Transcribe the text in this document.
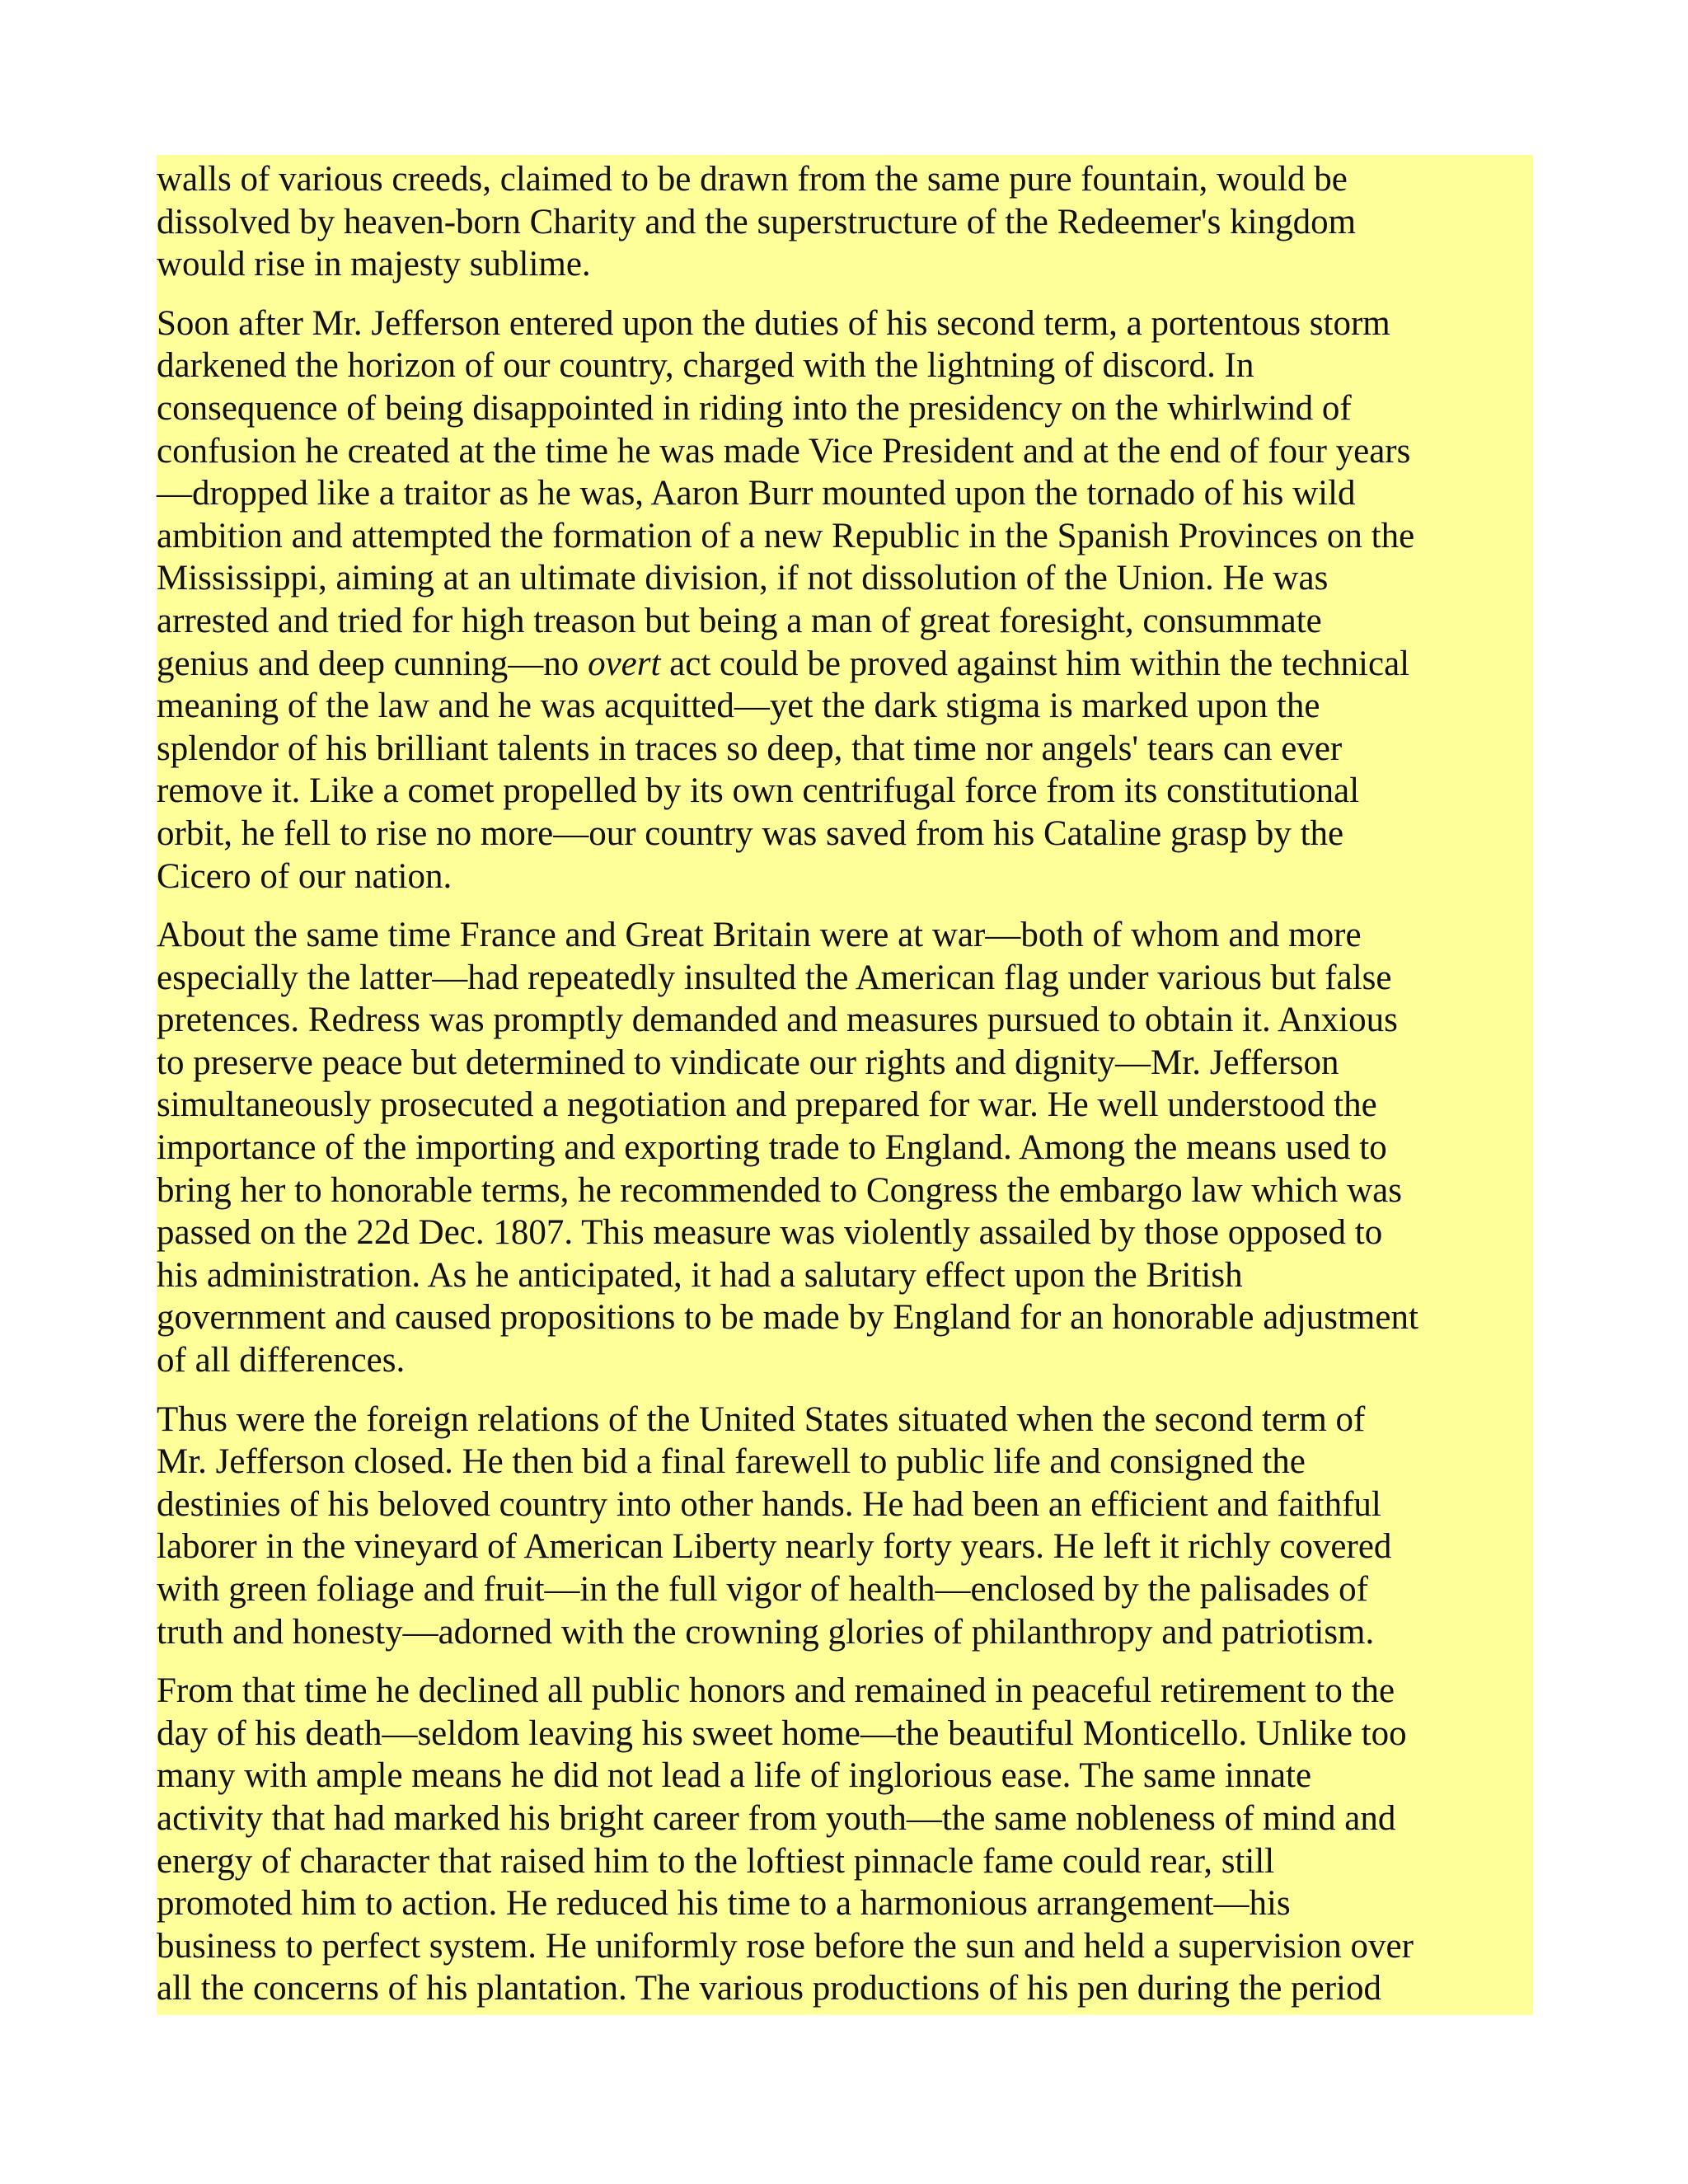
walls of various creeds, claimed to be drawn from the same pure fountain, would be
dissolved by heaven-born Charity and the superstructure of the Redeemer's kingdom
would rise in majesty sublime.

Soon after Mr. Jefferson entered upon the duties of his second term, a portentous storm
darkened the horizon of our country, charged with the lightning of discord. In
consequence of being disappointed in riding into the presidency on the whirlwind of
confusion he created at the time he was made Vice President and at the end of four years
—dropped like a traitor as he was, Aaron Burr mounted upon the tornado of his wild
ambition and attempted the formation of a new Republic in the Spanish Provinces on the
Mississippi, aiming at an ultimate division, if not dissolution of the Union. He was
arrested and tried for high treason but being a man of great foresight, consummate
genius and deep cunning—no overt act could be proved against him within the technical
meaning of the law and he was acquitted—yet the dark stigma is marked upon the
splendor of his brilliant talents in traces so deep, that time nor angels' tears can ever
remove it. Like a comet propelled by its own centrifugal force from its constitutional
orbit, he fell to rise no more—our country was saved from his Cataline grasp by the
Cicero of our nation.

About the same time France and Great Britain were at war—both of whom and more
especially the latter—had repeatedly insulted the American flag under various but false
pretences. Redress was promptly demanded and measures pursued to obtain it. Anxious
to preserve peace but determined to vindicate our rights and dignity—Mr. Jefferson
simultaneously prosecuted a negotiation and prepared for war. He well understood the
importance of the importing and exporting trade to England. Among the means used to
bring her to honorable terms, he recommended to Congress the embargo law which was
passed on the 22d Dec. 1807. This measure was violently assailed by those opposed to
his administration. As he anticipated, it had a salutary effect upon the British
government and caused propositions to be made by England for an honorable adjustment
of all differences.

Thus were the foreign relations of the United States situated when the second term of
Mr. Jefferson closed. He then bid a final farewell to public life and consigned the
destinies of his beloved country into other hands. He had been an efficient and faithful
laborer in the vineyard of American Liberty nearly forty years. He left it richly covered
with green foliage and fruit—in the full vigor of health—enclosed by the palisades of
truth and honesty—adorned with the crowning glories of philanthropy and patriotism.

From that time he declined all public honors and remained in peaceful retirement to the
day of his death—seldom leaving his sweet home—the beautiful Monticello. Unlike too
many with ample means he did not lead a life of inglorious ease. The same innate
activity that had marked his bright career from youth—the same nobleness of mind and
energy of character that raised him to the loftiest pinnacle fame could rear, still
promoted him to action. He reduced his time to a harmonious arrangement—his
business to perfect system. He uniformly rose before the sun and held a supervision over
all the concerns of his plantation. The various productions of his pen during the period
